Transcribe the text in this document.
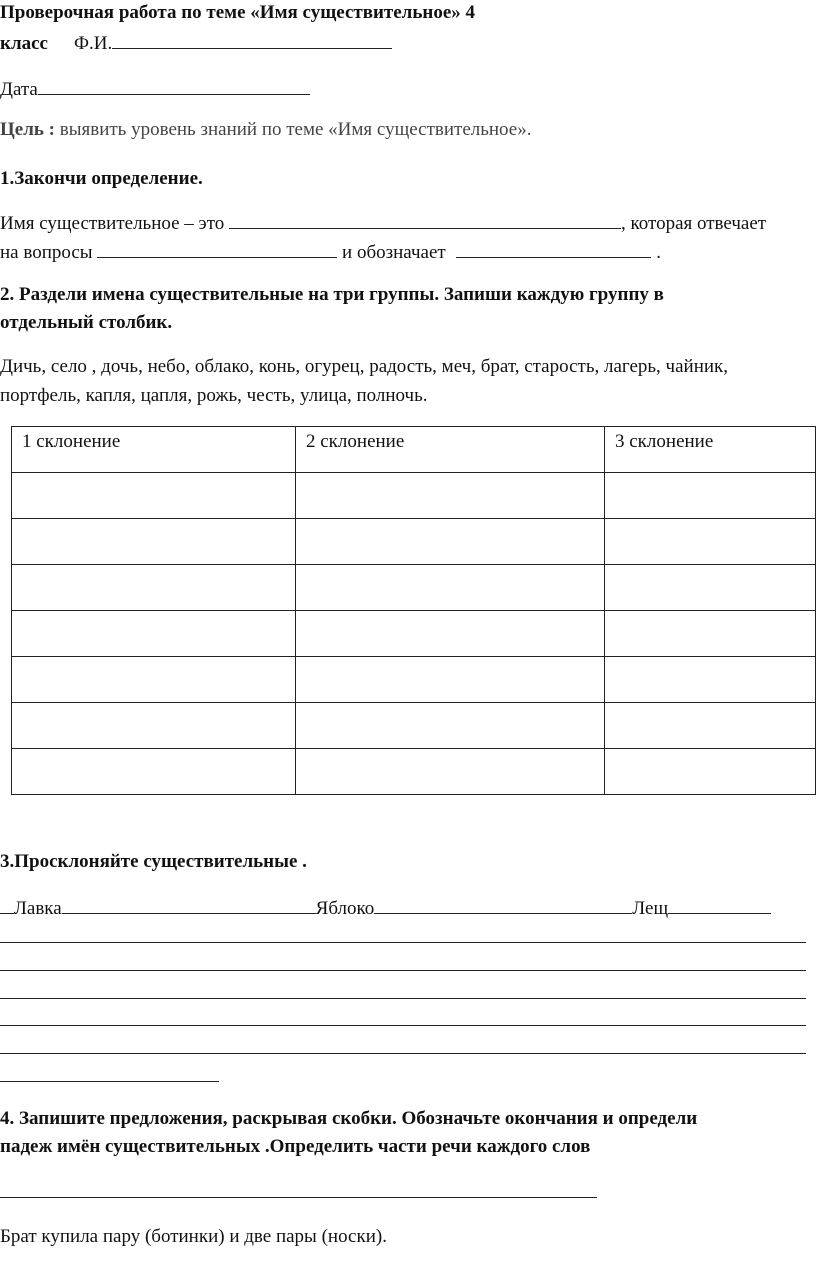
Проверочная работа по теме «Имя существительное» 4
класс Ф.И.
Дата
Цель : выявить уровень знаний по теме «Имя существительное».
1.Закончи определение.
Имя существительное – это	, которая отвечает
на вопросы	и обозначает	.
2. Раздели имена существительные на три группы. Запиши каждую группу в
отдельный столбик.
Дичь, село , дочь, небо, облако, конь, огурец, радость, меч, брат, старость, лагерь, чайник,
портфель, капля, цапля, рожь, честь, улица, полночь.
1 склонение	2 склонение	3 склонение

3.Просклоняйте существительные .
Лавка	Яблоко	Лещ
4. Запишите предложения, раскрывая скобки. Обозначьте окончания и определи
падеж имён существительных .Определить части речи каждого слов
Брат купила пару (ботинки) и две пары (носки).
